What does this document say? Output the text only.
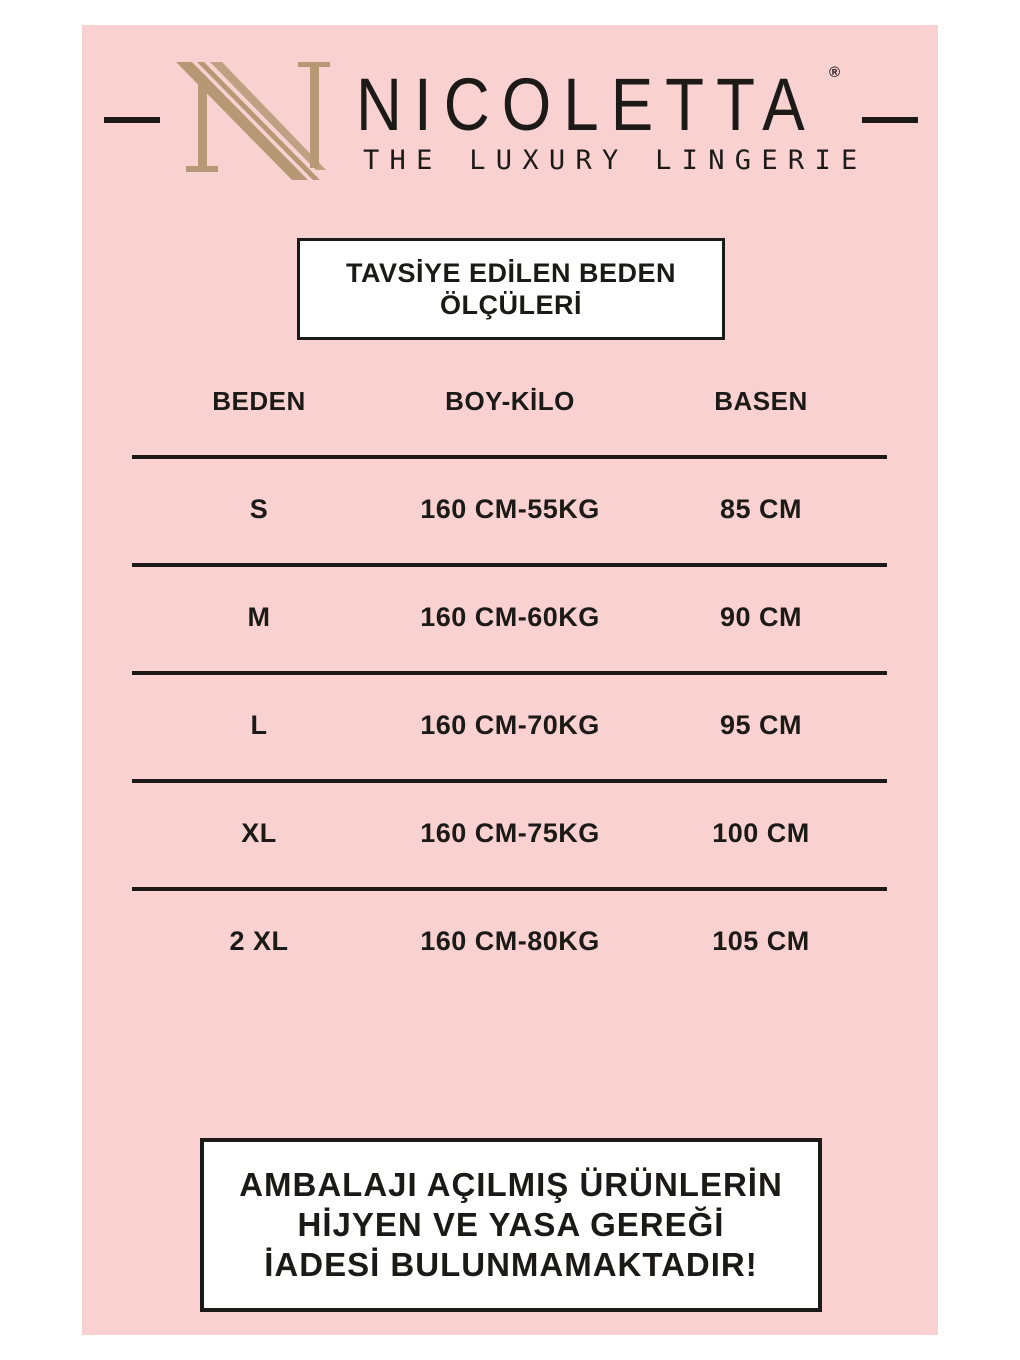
NICOLETTA ®
THE LUXURY LINGERIE
TAVSİYE EDİLEN BEDEN
ÖLÇÜLERİ
BEDEN	BOY-KİLO	BASEN
S	160 CM-55KG	85 CM
M	160 CM-60KG	90 CM
L	160 CM-70KG	95 CM
XL	160 CM-75KG	100 CM
2 XL	160 CM-80KG	105 CM
AMBALAJI AÇILMIŞ ÜRÜNLERİN
HİJYEN VE YASA GEREĞİ
İADESİ BULUNMAMAKTADIR!
